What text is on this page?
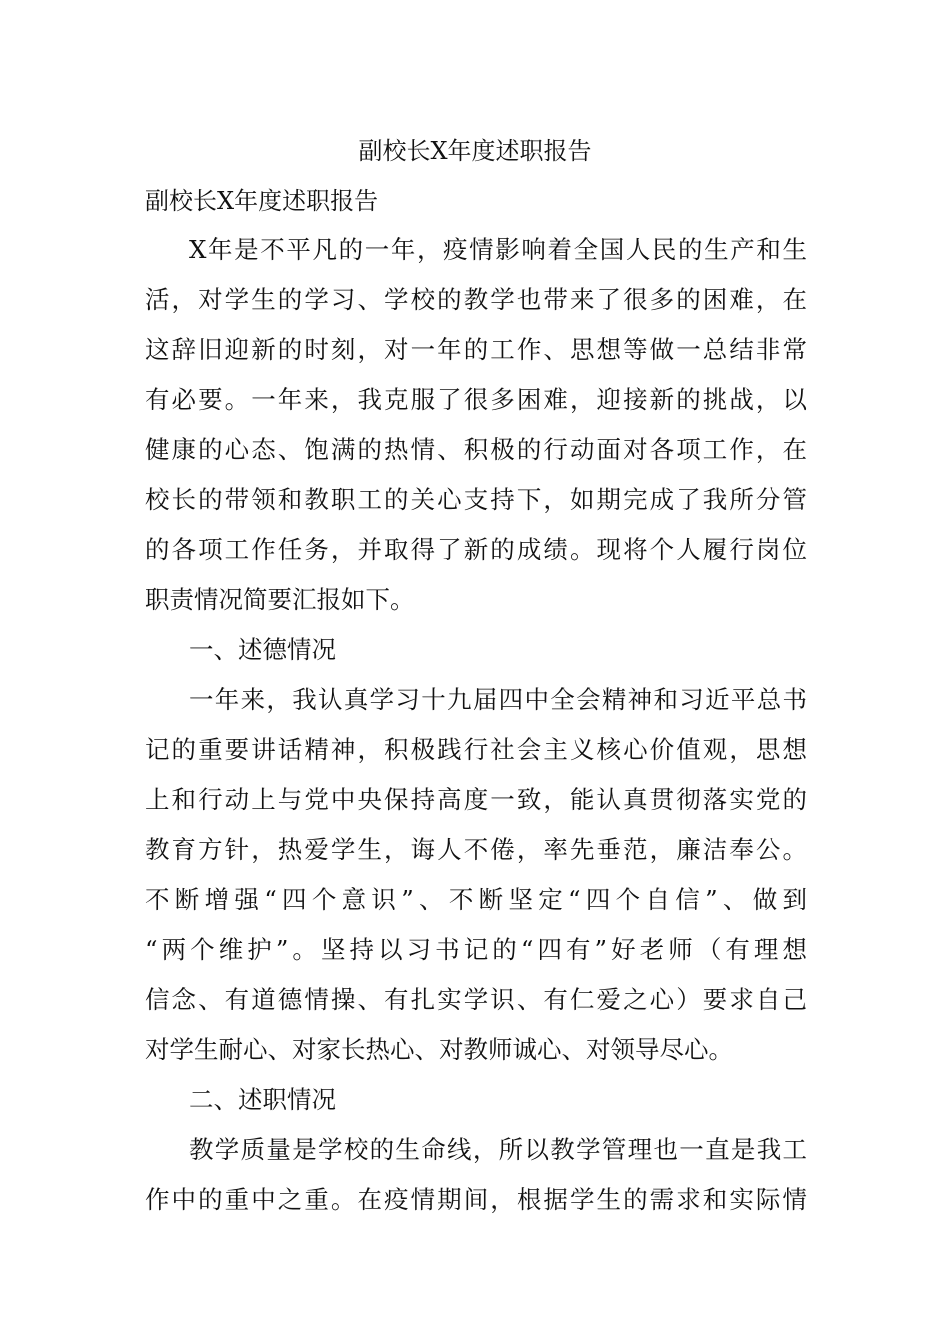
副校长X年度述职报告
副校长X年度述职报告
X年是不平凡的一年，疫情影响着全国人民的生产和生
活，对学生的学习、学校的教学也带来了很多的困难，在
这辞旧迎新的时刻，对一年的工作、思想等做一总结非常
有必要。一年来，我克服了很多困难，迎接新的挑战，以
健康的心态、饱满的热情、积极的行动面对各项工作，在
校长的带领和教职工的关心支持下，如期完成了我所分管
的各项工作任务，并取得了新的成绩。现将个人履行岗位
职责情况简要汇报如下。
一、述德情况
一年来，我认真学习十九届四中全会精神和习近平总书
记的重要讲话精神，积极践行社会主义核心价值观，思想
上和行动上与党中央保持高度一致，能认真贯彻落实党的
教育方针，热爱学生，诲人不倦，率先垂范，廉洁奉公。
不断增强“四个意识”、不断坚定“四个自信”、做到
“两个维护”。坚持以习书记的“四有”好老师（有理想
信念、有道德情操、有扎实学识、有仁爱之心）要求自己
对学生耐心、对家长热心、对教师诚心、对领导尽心。
二、述职情况
教学质量是学校的生命线，所以教学管理也一直是我工
作中的重中之重。在疫情期间，根据学生的需求和实际情
